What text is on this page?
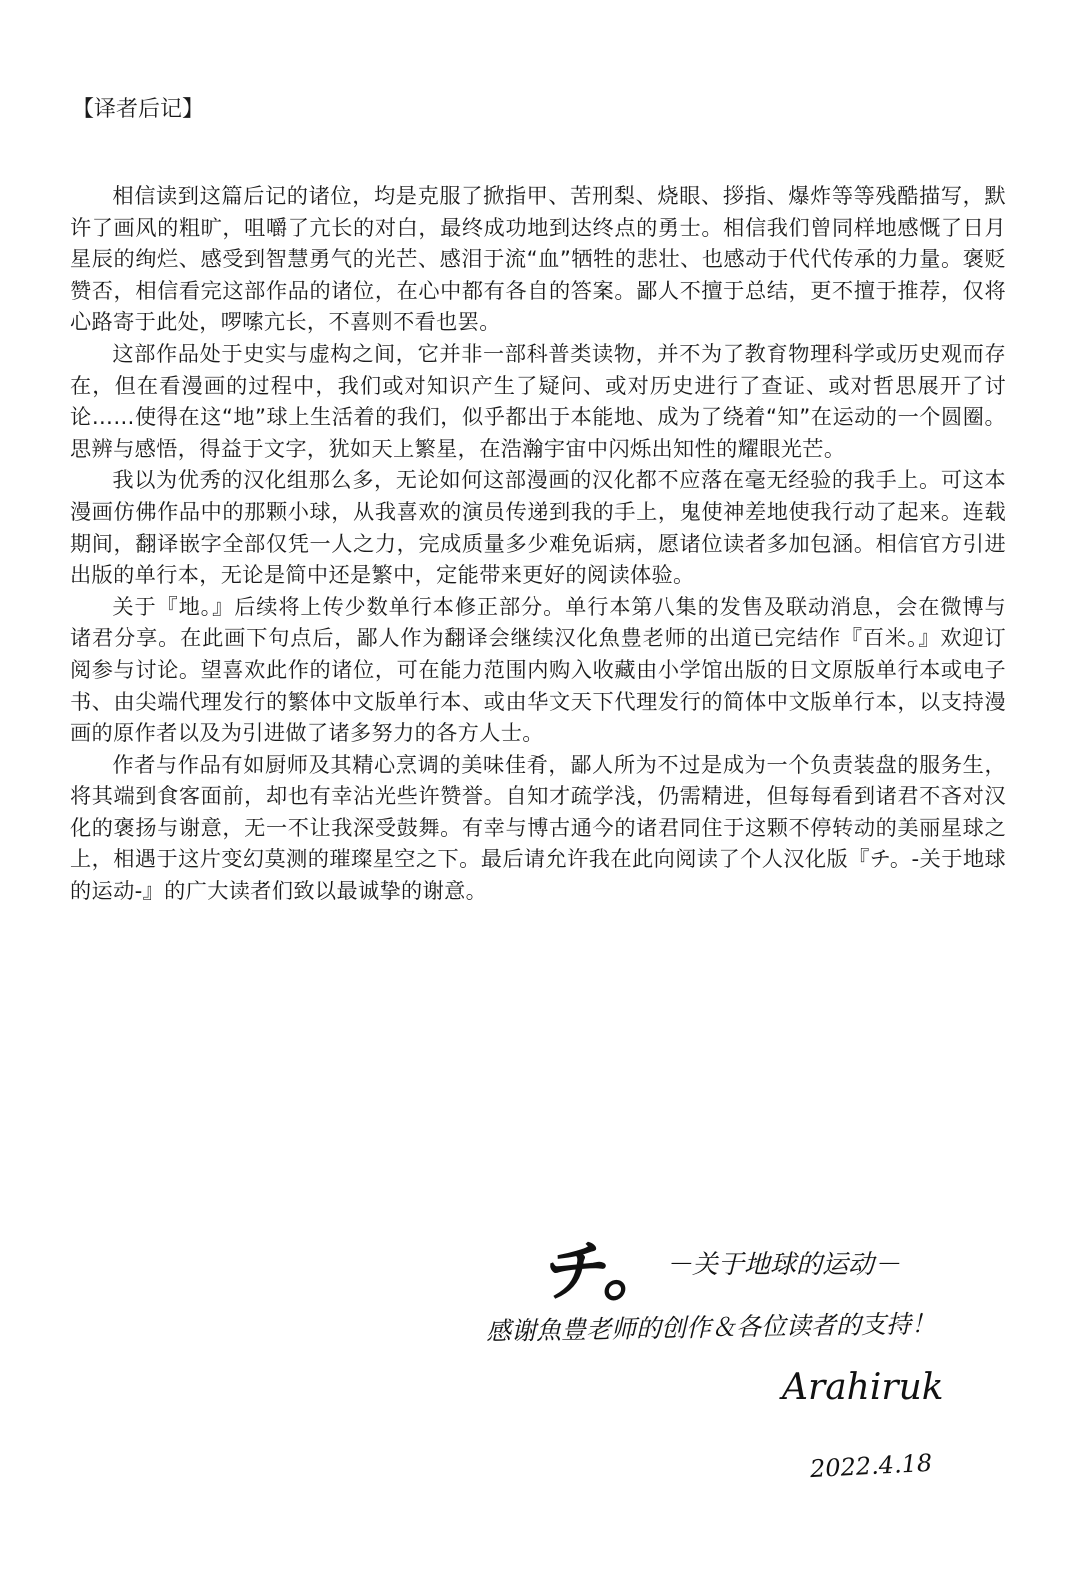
【译者后记】

相信读到这篇后记的诸位，均是克服了掀指甲、苦刑梨、烧眼、拶指、爆炸等等残酷描写，默许了画风的粗旷，咀嚼了亢长的对白，最终成功地到达终点的勇士。相信我们曾同样地感慨了日月星辰的绚烂、感受到智慧勇气的光芒、感泪于流“血”牺牲的悲壮、也感动于代代传承的力量。褒贬赞否，相信看完这部作品的诸位，在心中都有各自的答案。鄙人不擅于总结，更不擅于推荐，仅将心路寄于此处，啰嗦亢长，不喜则不看也罢。

这部作品处于史实与虚构之间，它并非一部科普类读物，并不为了教育物理科学或历史观而存在，但在看漫画的过程中，我们或对知识产生了疑问、或对历史进行了查证、或对哲思展开了讨论……使得在这“地”球上生活着的我们，似乎都出于本能地、成为了绕着“知”在运动的一个圆圈。思辨与感悟，得益于文字，犹如天上繁星，在浩瀚宇宙中闪烁出知性的耀眼光芒。

我以为优秀的汉化组那么多，无论如何这部漫画的汉化都不应落在毫无经验的我手上。可这本漫画仿佛作品中的那颗小球，从我喜欢的演员传递到我的手上，鬼使神差地使我行动了起来。连载期间，翻译嵌字全部仅凭一人之力，完成质量多少难免诟病，愿诸位读者多加包涵。相信官方引进出版的单行本，无论是简中还是繁中，定能带来更好的阅读体验。

关于『地。』后续将上传少数单行本修正部分。单行本第八集的发售及联动消息，会在微博与诸君分享。在此画下句点后，鄙人作为翻译会继续汉化魚豊老师的出道已完结作『百米。』欢迎订阅参与讨论。望喜欢此作的诸位，可在能力范围内购入收藏由小学馆出版的日文原版单行本或电子书、由尖端代理发行的繁体中文版单行本、或由华文天下代理发行的简体中文版单行本，以支持漫画的原作者以及为引进做了诸多努力的各方人士。

作者与作品有如厨师及其精心烹调的美味佳肴，鄙人所为不过是成为一个负责装盘的服务生，将其端到食客面前，却也有幸沾光些许赞誉。自知才疏学浅，仍需精进，但每每看到诸君不吝对汉化的褒扬与谢意，无一不让我深受鼓舞。有幸与博古通今的诸君同住于这颗不停转动的美丽星球之上，相遇于这片变幻莫测的璀璨星空之下。最后请允许我在此向阅读了个人汉化版『チ。-关于地球的运动-』的广大读者们致以最诚挚的谢意。

チ。
－关于地球的运动－
感谢魚豊老师的创作＆各位读者的支持！
Arahiruk
2022.4.18
